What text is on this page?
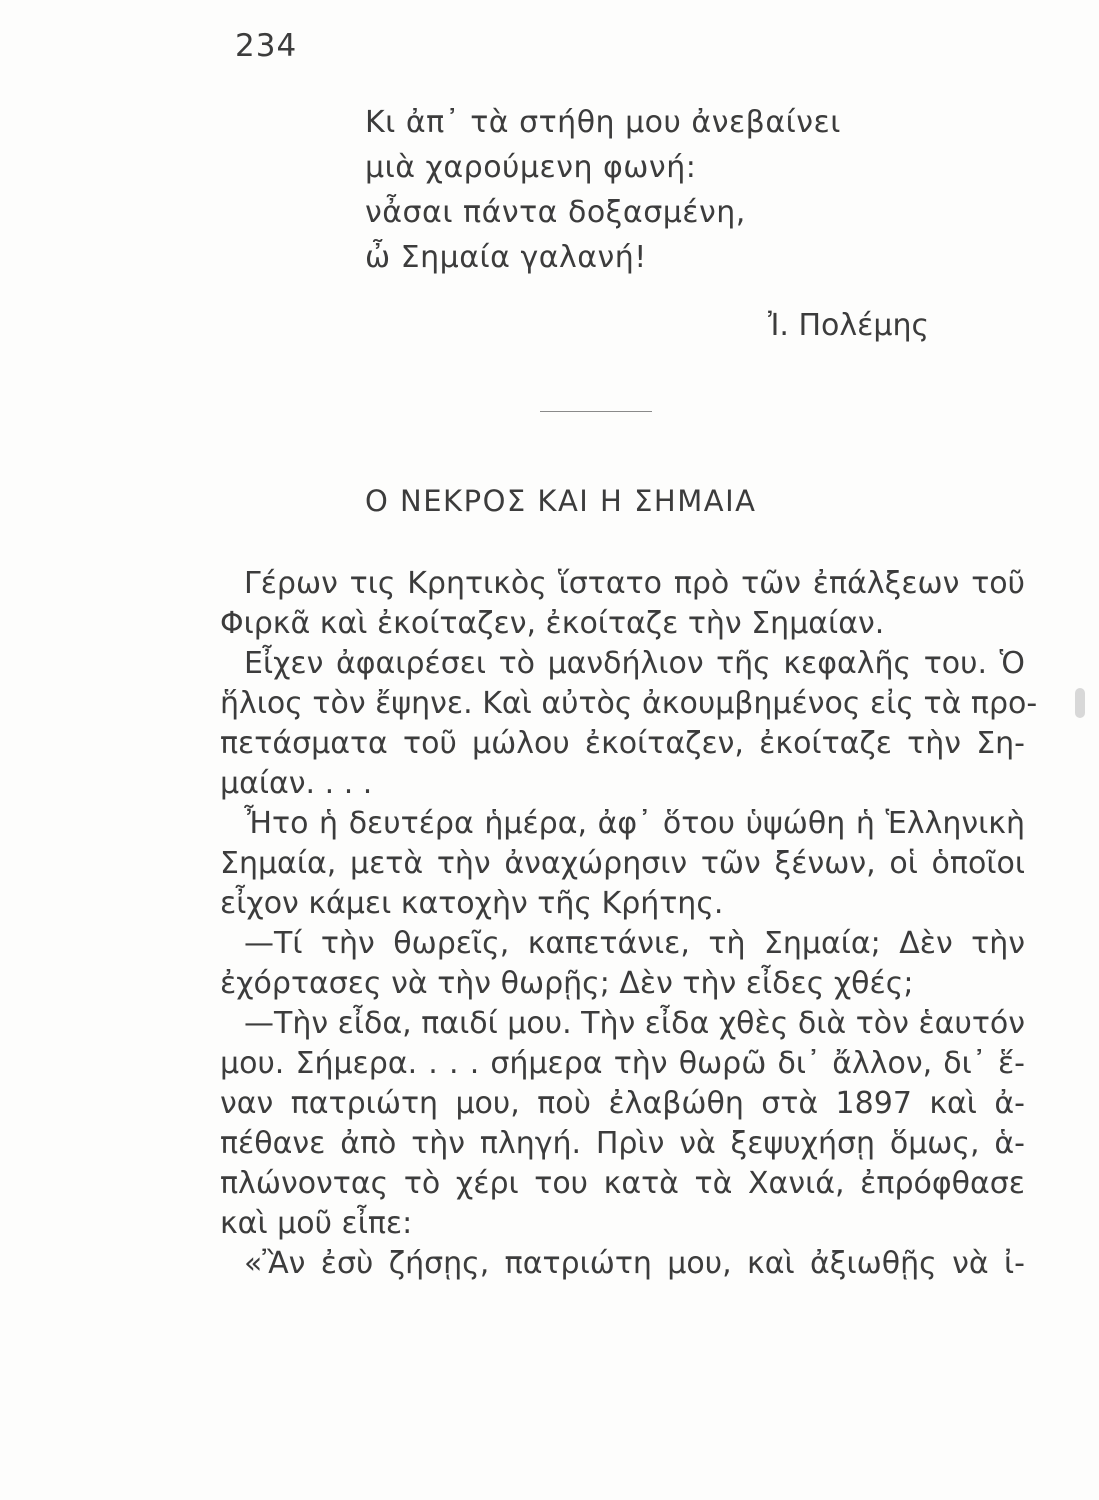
234
Κι ἀπ᾽ τὰ στήθη μου ἀνεβαίνει
μιὰ χαρούμενη φωνή:
νἆσαι πάντα δοξασμένη,
ὦ Σημαία γαλανή!
Ἰ. Πολέμης
Ο ΝΕΚΡΟΣ ΚΑΙ Η ΣΗΜΑΙΑ
Γέρων τις Κρητικὸς ἵστατο πρὸ τῶν ἐπάλξεων τοῦ
Φιρκᾶ καὶ ἐκοίταζεν, ἐκοίταζε τὴν Σημαίαν.
Εἶχεν ἀφαιρέσει τὸ μανδήλιον τῆς κεφαλῆς του. Ὁ
ἥλιος τὸν ἔψηνε. Καὶ αὐτὸς ἀκουμβημένος εἰς τὰ προ-
πετάσματα τοῦ μώλου ἐκοίταζεν, ἐκοίταζε τὴν Ση-
μαίαν. . . .
Ἦτο ἡ δευτέρα ἡμέρα, ἀφ᾽ ὅτου ὑψώθη ἡ Ἑλληνικὴ
Σημαία, μετὰ τὴν ἀναχώρησιν τῶν ξένων, οἱ ὁποῖοι
εἶχον κάμει κατοχὴν τῆς Κρήτης.
—Τί τὴν θωρεῖς, καπετάνιε, τὴ Σημαία; Δὲν τὴν
ἐχόρτασες νὰ τὴν θωρῇς; Δὲν τὴν εἶδες χθές;
—Τὴν εἶδα, παιδί μου. Τὴν εἶδα χθὲς διὰ τὸν ἑαυτόν
μου. Σήμερα. . . . σήμερα τὴν θωρῶ δι᾽ ἄλλον, δι᾽ ἕ-
ναν πατριώτη μου, ποὺ ἐλαβώθη στὰ 1897 καὶ ἀ-
πέθανε ἀπὸ τὴν πληγή. Πρὶν νὰ ξεψυχήσῃ ὅμως, ἁ-
πλώνοντας τὸ χέρι του κατὰ τὰ Χανιά, ἐπρόφθασε
καὶ μοῦ εἶπε:
«Ἂν ἐσὺ ζήσῃς, πατριώτη μου, καὶ ἀξιωθῇς νὰ ἰ-
